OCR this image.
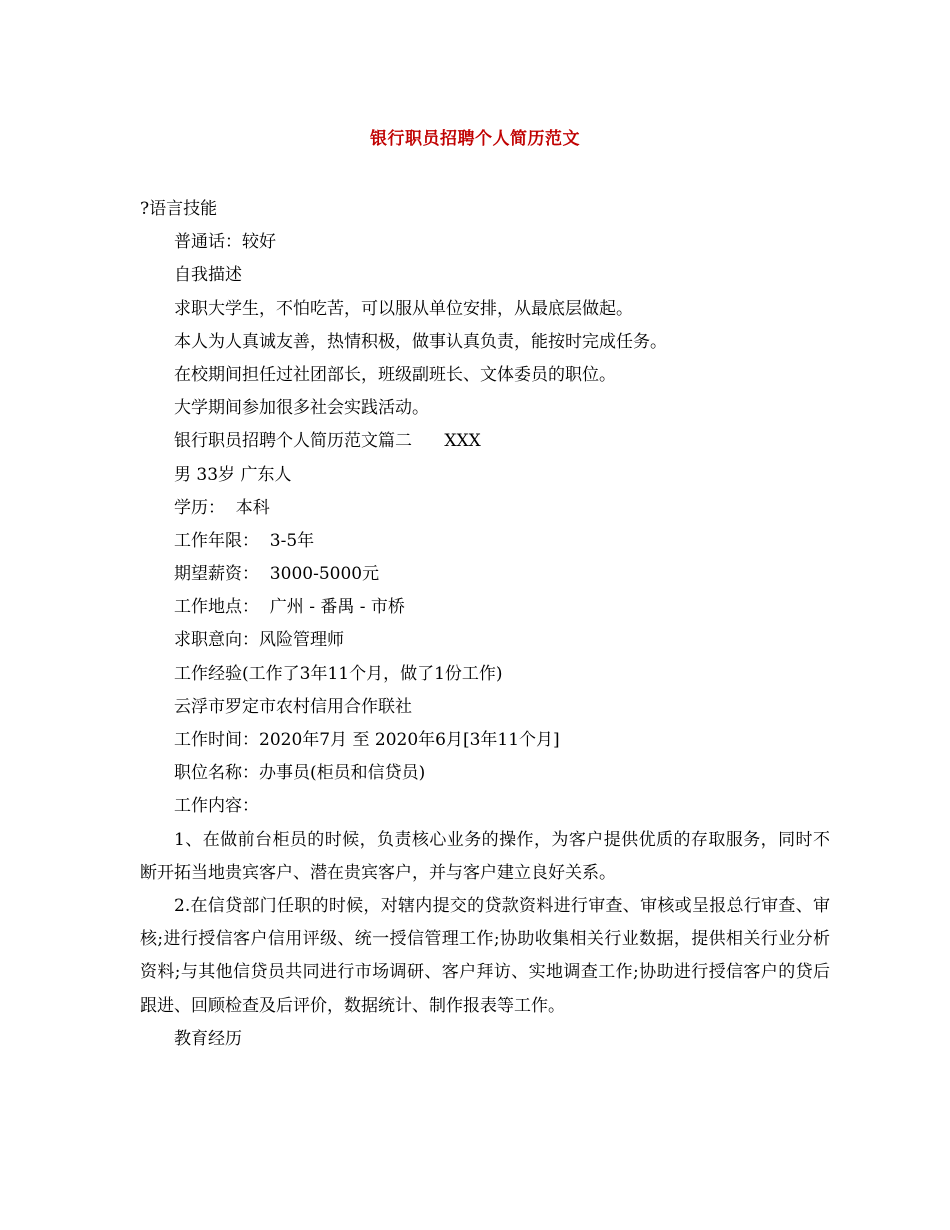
银行职员招聘个人简历范文
?语言技能
普通话：较好
自我描述
求职大学生，不怕吃苦，可以服从单位安排，从最底层做起。
本人为人真诚友善，热情积极，做事认真负责，能按时完成任务。
在校期间担任过社团部长，班级副班长、文体委员的职位。
大学期间参加很多社会实践活动。
银行职员招聘个人简历范文篇二      XXX
男 33岁 广东人
学历：  本科
工作年限：  3-5年
期望薪资：  3000-5000元
工作地点：  广州 - 番禺 - 市桥
求职意向：风险管理师
工作经验(工作了3年11个月，做了1份工作)
云浮市罗定市农村信用合作联社
工作时间：2020年7月 至 2020年6月[3年11个月]
职位名称：办事员(柜员和信贷员)
工作内容：

1、在做前台柜员的时候，负责核心业务的操作，为客户提供优质的存取服务，同时不断开拓当地贵宾客户、潜在贵宾客户，并与客户建立良好关系。

2.在信贷部门任职的时候，对辖内提交的贷款资料进行审查、审核或呈报总行审查、审核;进行授信客户信用评级、统一授信管理工作;协助收集相关行业数据，提供相关行业分析资料;与其他信贷员共同进行市场调研、客户拜访、实地调查工作;协助进行授信客户的贷后跟进、回顾检查及后评价，数据统计、制作报表等工作。

教育经历
